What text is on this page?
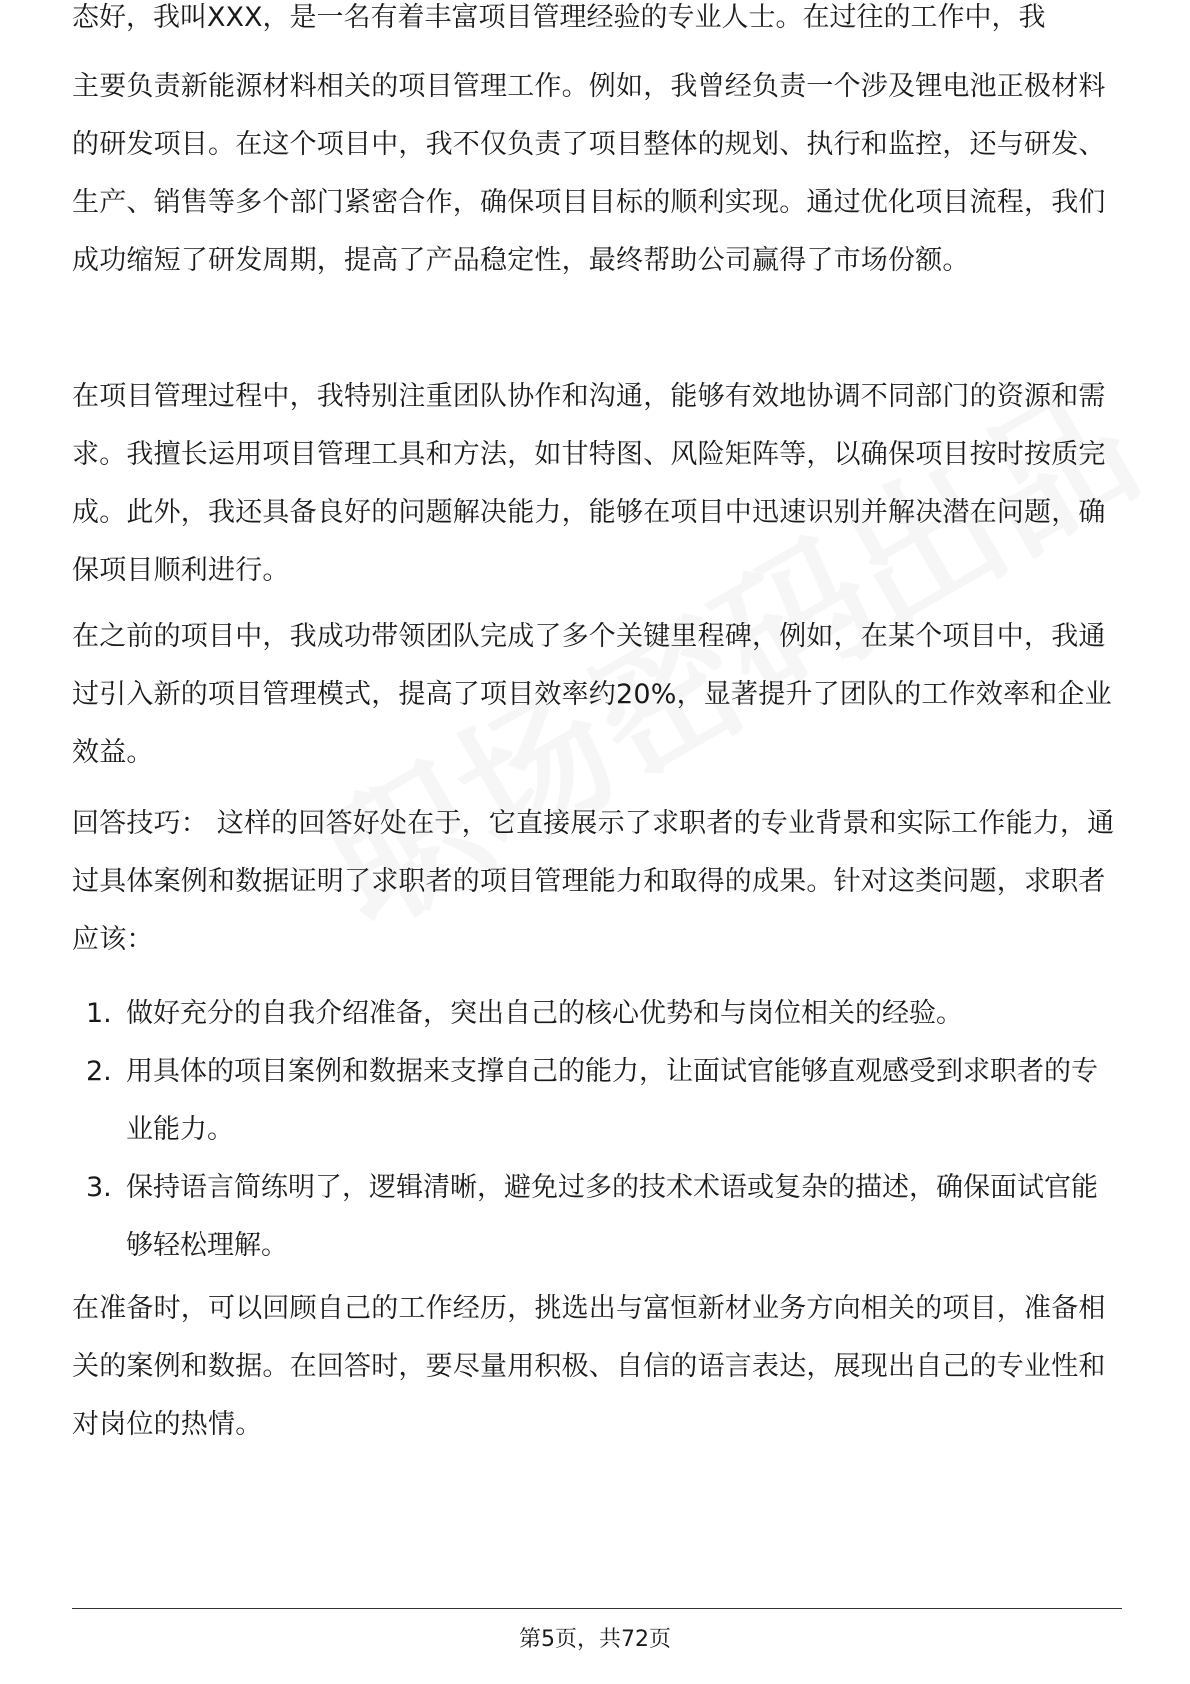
态好，我叫XXX，是一名有着丰富项目管理经验的专业人士。在过往的工作中，我

主要负责新能源材料相关的项目管理工作。例如，我曾经负责一个涉及锂电池正极材料的研发项目。在这个项目中，我不仅负责了项目整体的规划、执行和监控，还与研发、生产、销售等多个部门紧密合作，确保项目目标的顺利实现。通过优化项目流程，我们成功缩短了研发周期，提高了产品稳定性，最终帮助公司赢得了市场份额。

在项目管理过程中，我特别注重团队协作和沟通，能够有效地协调不同部门的资源和需求。我擅长运用项目管理工具和方法，如甘特图、风险矩阵等，以确保项目按时按质完成。此外，我还具备良好的问题解决能力，能够在项目中迅速识别并解决潜在问题，确保项目顺利进行。

在之前的项目中，我成功带领团队完成了多个关键里程碑，例如，在某个项目中，我通过引入新的项目管理模式，提高了项目效率约20%，显著提升了团队的工作效率和企业效益。

回答技巧： 这样的回答好处在于，它直接展示了求职者的专业背景和实际工作能力，通过具体案例和数据证明了求职者的项目管理能力和取得的成果。针对这类问题，求职者应该：

1. 做好充分的自我介绍准备，突出自己的核心优势和与岗位相关的经验。
2. 用具体的项目案例和数据来支撑自己的能力，让面试官能够直观感受到求职者的专业能力。
3. 保持语言简练明了，逻辑清晰，避免过多的技术术语或复杂的描述，确保面试官能够轻松理解。

在准备时，可以回顾自己的工作经历，挑选出与富恒新材业务方向相关的项目，准备相关的案例和数据。在回答时，要尽量用积极、自信的语言表达，展现出自己的专业性和对岗位的热情。

第5页，共72页
